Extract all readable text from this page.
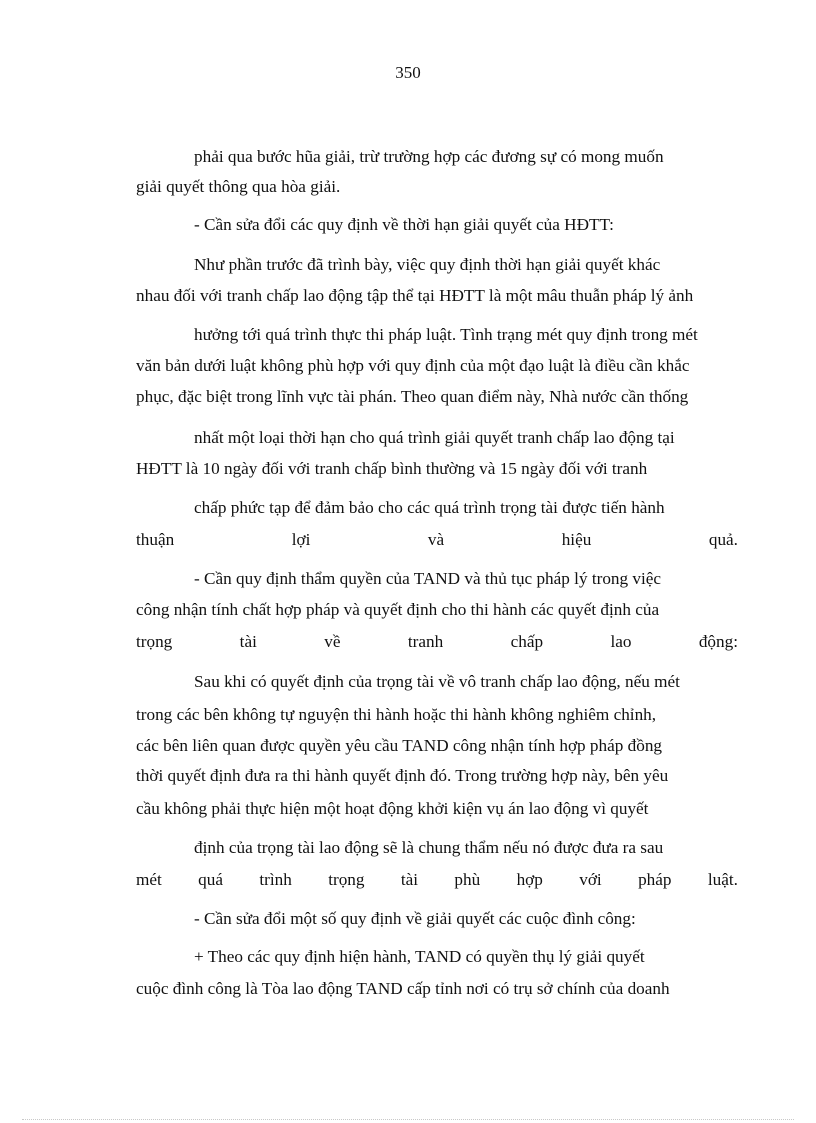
350
phải qua bước hũa giải, trừ trường hợp các đương sự có mong muốn
giải quyết thông qua hòa giải.
- Cần sửa đổi các quy định về thời hạn giải quyết của HĐTT:
Như phần trước đã trình bày, việc quy định thời hạn giải quyết khác
nhau đối với tranh chấp lao động tập thể tại HĐTT là một mâu thuẫn pháp lý ảnh
hưởng tới quá trình thực thi pháp luật. Tình trạng mét quy định trong mét
văn bản dưới luật không phù hợp với quy định của một đạo luật là điều cần khắc
phục, đặc biệt trong lĩnh vực tài phán. Theo quan điểm này, Nhà nước cần thống
nhất một loại thời hạn cho quá trình giải quyết tranh chấp lao động tại
HĐTT là 10 ngày đối với tranh chấp bình thường và 15 ngày đối với tranh
chấp phức tạp để đảm bảo cho các quá trình trọng tài được tiến hành
thuận	lợi	và	hiệu	quả.
- Cần quy định thẩm quyền của TAND và thủ tục pháp lý trong việc
công nhận tính chất hợp pháp và quyết định cho thi hành các quyết định của
trọng	tài	về	tranh	chấp	lao	động:
Sau khi có quyết định của trọng tài về vô tranh chấp lao động, nếu mét
trong các bên không tự nguyện thi hành hoặc thi hành không nghiêm chỉnh,
các bên liên quan được quyền yêu cầu TAND công nhận tính hợp pháp đồng
thời quyết định đưa ra thi hành quyết định đó. Trong trường hợp này, bên yêu
cầu không phải thực hiện một hoạt động khởi kiện vụ án lao động vì quyết
định của trọng tài lao động sẽ là chung thẩm nếu nó được đưa ra sau
mét quá trình trọng tài phù hợp với pháp luật.
- Cần sửa đổi một số quy định về giải quyết các cuộc đình công:
+ Theo các quy định hiện hành, TAND có quyền thụ lý giải quyết
cuộc đình công là Tòa lao động TAND cấp tỉnh nơi có trụ sở chính của doanh
